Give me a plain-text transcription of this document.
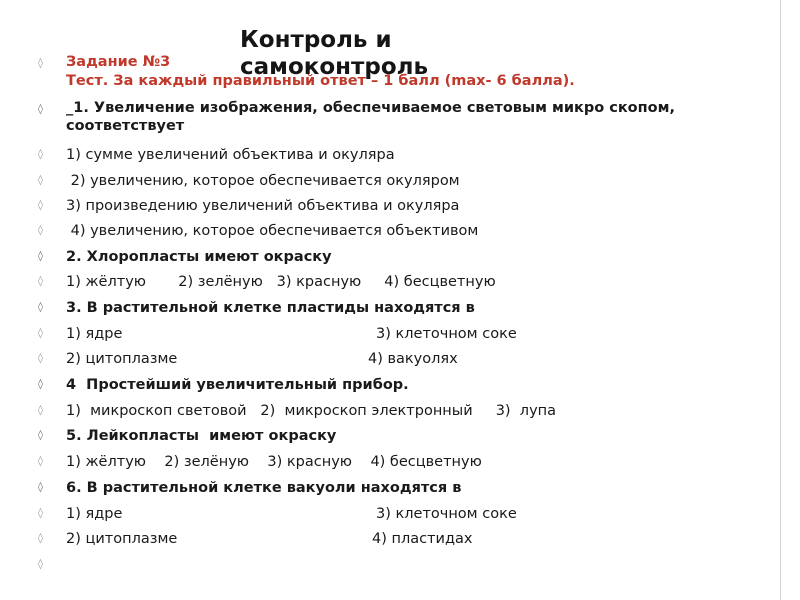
◊	Задание №3
Тест. За каждый правильный ответ – 1 балл (max- 6 балла).
◊	_1. Увеличение изображения, обеспечиваемое световым микро скопом, соответствует
◊	1) сумме увеличений объектива и окуляра
◊	2) увеличению, которое обеспечивается окуляром
◊	3) произведению увеличений объектива и окуляра
◊	4) увеличению, которое обеспечивается объективом
◊	2. Хлоропласты имеют окраску
◊	1) жёлтую       2) зелёную   3) красную     4) бесцветную
◊	3. В растительной клетке пластиды находятся в
◊	1) ядре	3) клеточном соке
◊	2) цитоплазме	4) вакуолях
◊	4  Простейший увеличительный прибор.
◊	1)  микроскоп световой   2)  микроскоп электронный     3)  лупа
◊	5. Лейкопласты  имеют окраску
◊	1) жёлтую    2) зелёную    3) красную    4) бесцветную
◊	6. В растительной клетке вакуоли находятся в
◊	1) ядре	3) клеточном соке
◊	2) цитоплазме	4) пластидах
◊
Контроль и самоконтроль
